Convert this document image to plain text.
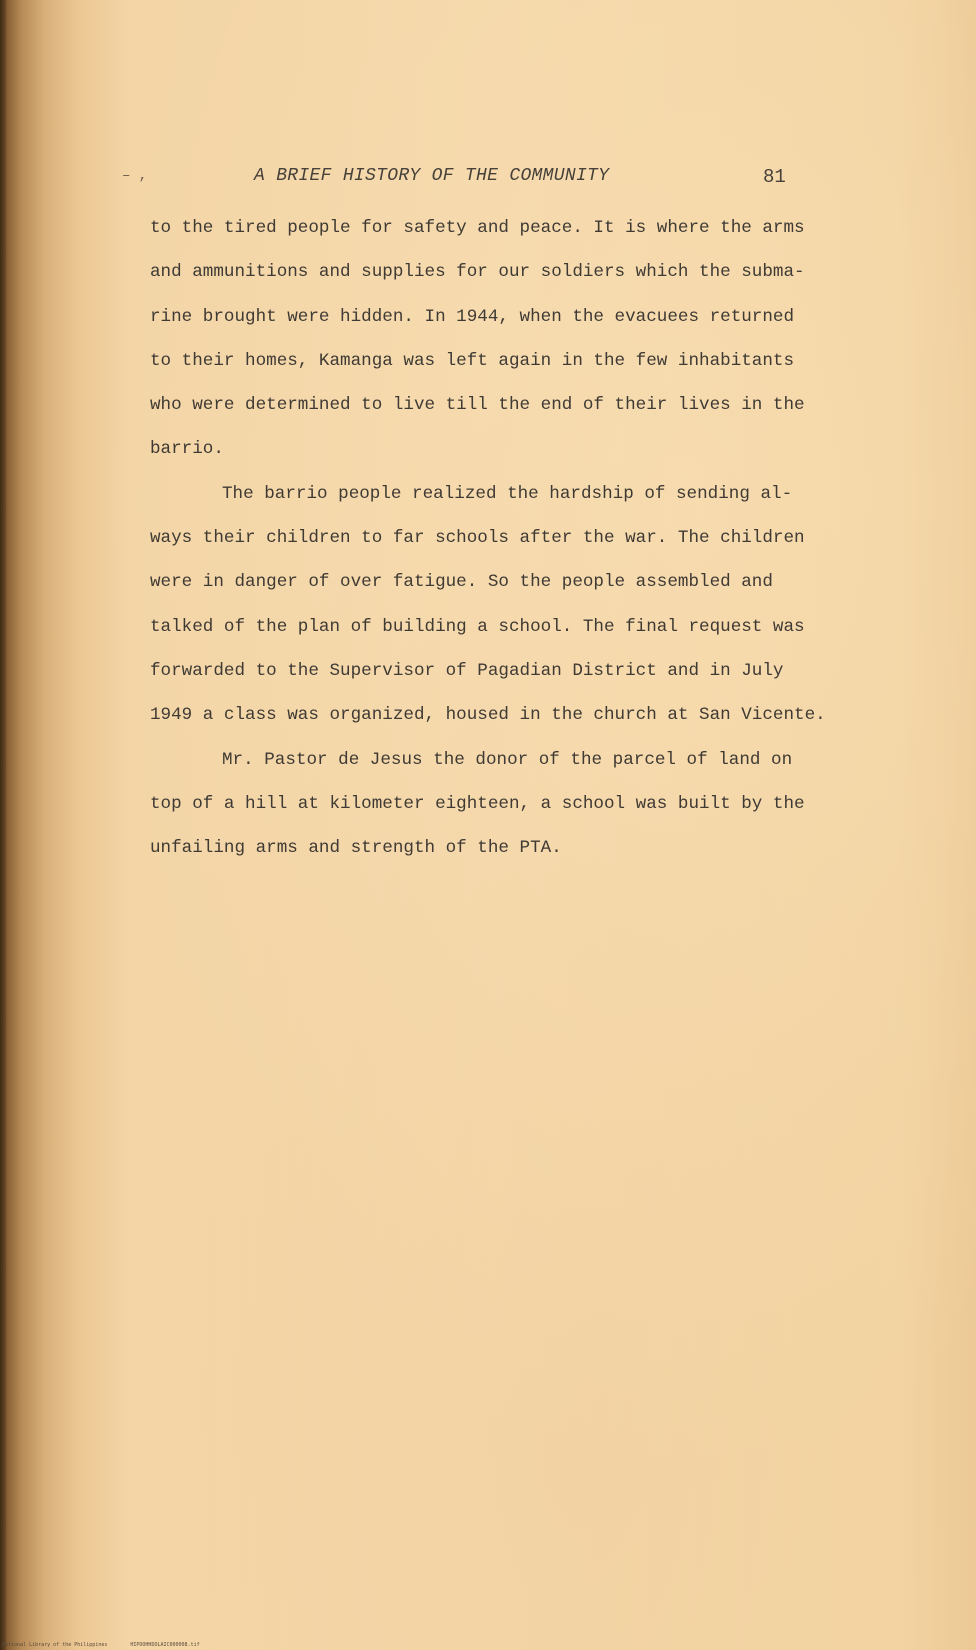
– ,	A BRIEF HISTORY OF THE COMMUNITY	81
to the tired people for safety and peace. It is where the arms
and ammunitions and supplies for our soldiers which the subma-
rine brought were hidden. In 1944, when the evacuees returned
to their homes, Kamanga was left again in the few inhabitants
who were determined to live till the end of their lives in the
barrio.
The barrio people realized the hardship of sending al-
ways their children to far schools after the war. The children
were in danger of over fatigue. So the people assembled and
talked of the plan of building a school. The final request was
forwarded to the Supervisor of Pagadian District and in July
1949 a class was organized, housed in the church at San Vicente.
Mr. Pastor de Jesus the donor of the parcel of land on
top of a hill at kilometer eighteen, a school was built by the
unfailing arms and strength of the PTA.
National Library of the Philippines	HIPOOHHDOLAIC000008.tif
